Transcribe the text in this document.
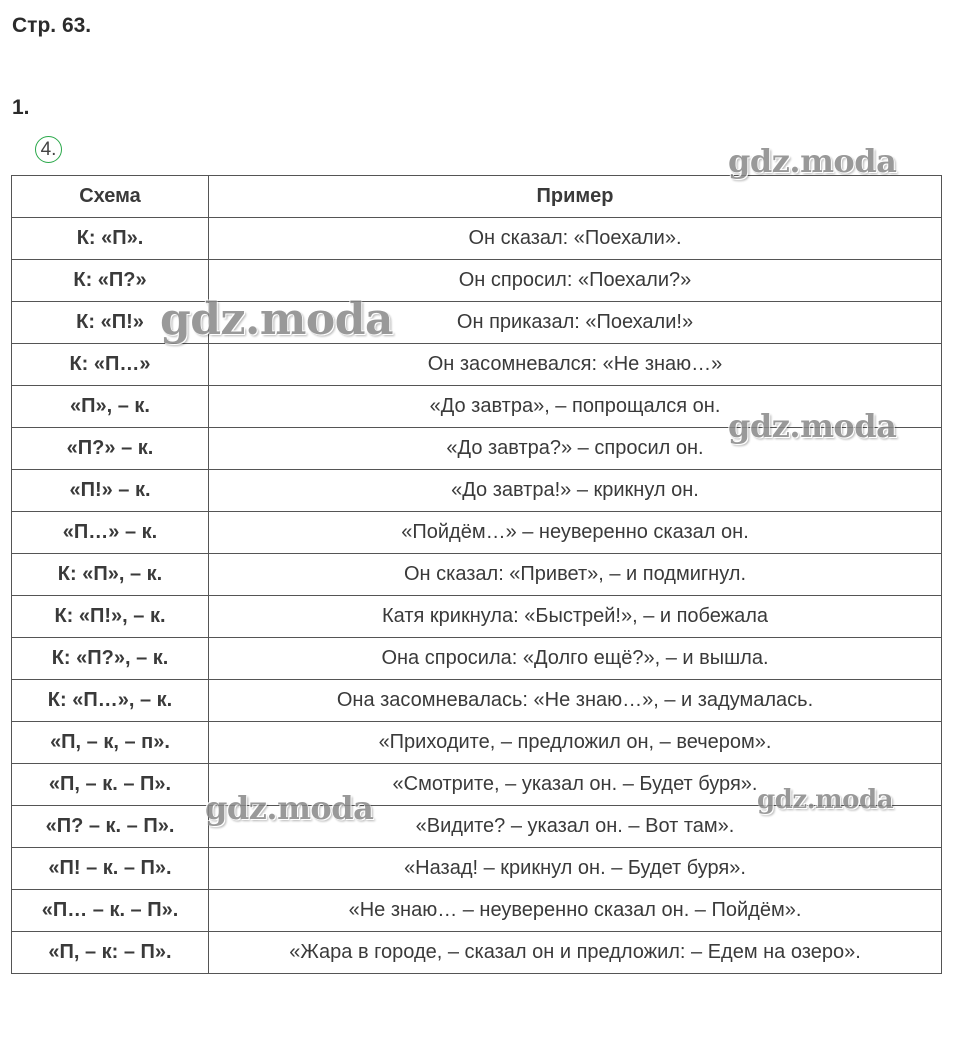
Стр. 63.
1.
4.
Схема	Пример
К: «П».	Он сказал: «Поехали».
К: «П?»	Он спросил: «Поехали?»
К: «П!»	Он приказал: «Поехали!»
К: «П…»	Он засомневался: «Не знаю…»
«П», – к.	«До завтра», – попрощался он.
«П?» – к.	«До завтра?» – спросил он.
«П!» – к.	«До завтра!» – крикнул он.
«П…» – к.	«Пойдём…» – неуверенно сказал он.
К: «П», – к.	Он сказал: «Привет», – и подмигнул.
К: «П!», – к.	Катя крикнула: «Быстрей!», – и побежала
К: «П?», – к.	Она спросила: «Долго ещё?», – и вышла.
К: «П…», – к.	Она засомневалась: «Не знаю…», – и задумалась.
«П, – к, – п».	«Приходите, – предложил он, – вечером».
«П, – к. – П».	«Смотрите, – указал он. – Будет буря».
«П? – к. – П».	«Видите? – указал он. – Вот там».
«П! – к. – П».	«Назад! – крикнул он. – Будет буря».
«П… – к. – П».	«Не знаю… – неуверенно сказал он. – Пойдём».
«П, – к: – П».	«Жара в городе, – сказал он и предложил: – Едем на озеро».
gdz.moda
gdz.moda
gdz.moda
gdz.moda	gdz.moda
